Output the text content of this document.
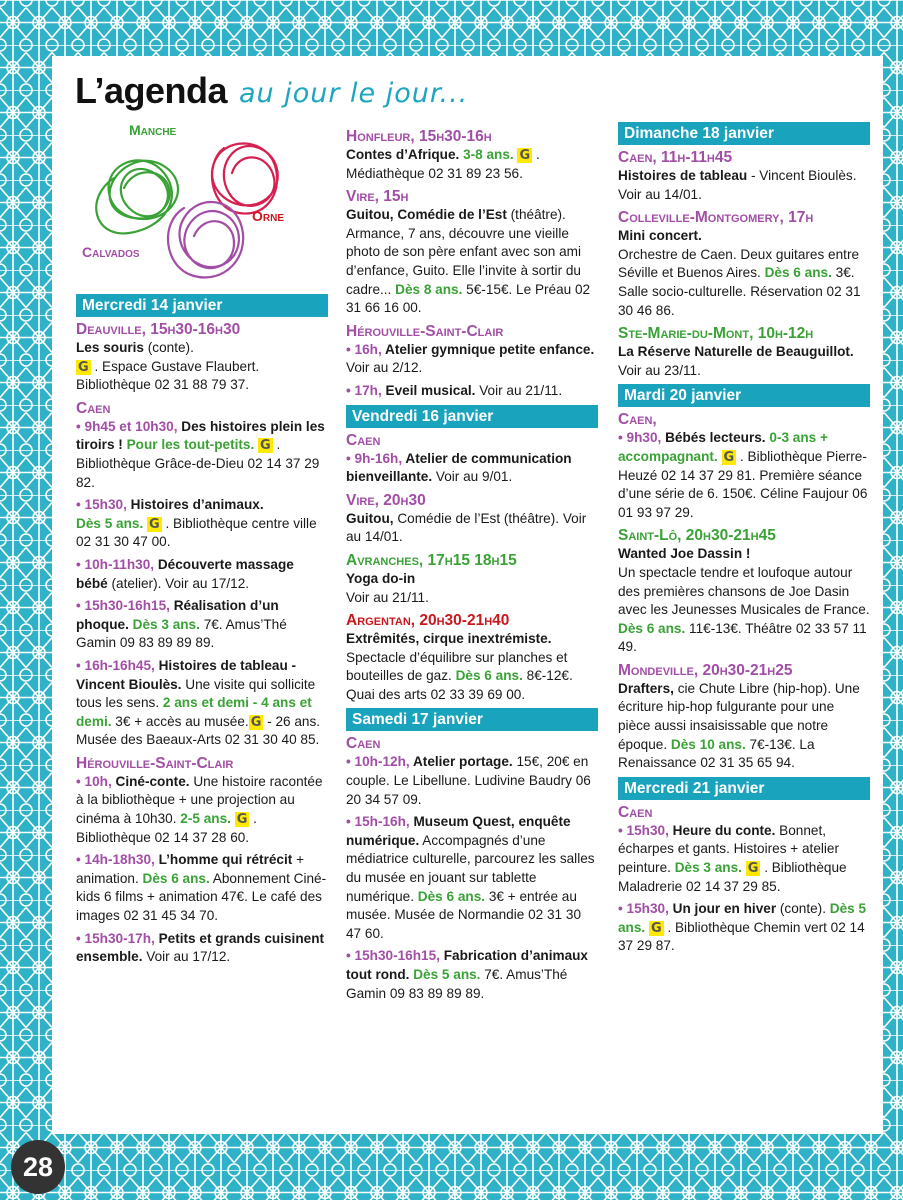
L’agenda au jour le jour...
Manche
Orne
Calvados
Mercredi 14 janvier
Deauville, 15h30-16h30
Les souris (conte).
G . Espace Gustave Flaubert. Bibliothèque 02 31 88 79 37.
Caen
• 9h45 et 10h30, Des histoires plein les tiroirs ! Pour les tout-petits. G . Bibliothèque Grâce-de-Dieu 02 14 37 29 82.
• 15h30, Histoires d’animaux.
Dès 5 ans. G . Bibliothèque centre ville 02 31 30 47 00.
• 10h-11h30, Découverte massage bébé (atelier). Voir au 17/12.
• 15h30-16h15, Réalisation d’un phoque. Dès 3 ans. 7€. Amus’Thé Gamin 09 83 89 89 89.
• 16h-16h45, Histoires de tableau - Vincent Bioulès. Une visite qui sollicite tous les sens. 2 ans et demi - 4 ans et demi. 3€ + accès au musée. G - 26 ans. Musée des Baeaux-Arts 02 31 30 40 85.
Hérouville-Saint-Clair
• 10h, Ciné-conte. Une histoire racontée à la bibliothèque + une projection au cinéma à 10h30. 2-5 ans. G . Bibliothèque 02 14 37 28 60.
• 14h-18h30, L’homme qui rétrécit + animation. Dès 6 ans. Abonnement Ciné-kids 6 films + animation 47€. Le café des images 02 31 45 34 70.
• 15h30-17h, Petits et grands cuisinent ensemble. Voir au 17/12.
Honfleur, 15h30-16h
Contes d’Afrique. 3-8 ans. G . Médiathèque 02 31 89 23 56.
Vire, 15h
Guitou, Comédie de l’Est (théâtre). Armance, 7 ans, découvre une vieille photo de son père enfant avec son ami d’enfance, Guito. Elle l’invite à sortir du cadre... Dès 8 ans. 5€-15€. Le Préau 02 31 66 16 00.
Hérouville-Saint-Clair
• 16h, Atelier gymnique petite enfance. Voir au 2/12.
• 17h, Eveil musical. Voir au 21/11.
Vendredi 16 janvier
Caen
• 9h-16h, Atelier de communication bienveillante. Voir au 9/01.
Vire, 20h30
Guitou, Comédie de l’Est (théâtre). Voir au 14/01.
Avranches, 17h15 18h15
Yoga do-in
Voir au 21/11.
Argentan, 20h30-21h40
Extrêmités, cirque inextrémiste. Spectacle d’équilibre sur planches et bouteilles de gaz. Dès 6 ans. 8€-12€. Quai des arts 02 33 39 69 00.
Samedi 17 janvier
Caen
• 10h-12h, Atelier portage. 15€, 20€ en couple. Le Libellune. Ludivine Baudry 06 20 34 57 09.
• 15h-16h, Museum Quest, enquête numérique. Accompagnés d’une médiatrice culturelle, parcourez les salles du musée en jouant sur tablette numérique. Dès 6 ans. 3€ + entrée au musée. Musée de Normandie 02 31 30 47 60.
• 15h30-16h15, Fabrication d’animaux tout rond. Dès 5 ans. 7€. Amus’Thé Gamin 09 83 89 89 89.
Dimanche 18 janvier
Caen, 11h-11h45
Histoires de tableau - Vincent Bioulès. Voir au 14/01.
Colleville-Montgomery, 17h
Mini concert.
Orchestre de Caen. Deux guitares entre Séville et Buenos Aires. Dès 6 ans. 3€. Salle socio-culturelle. Réservation 02 31 30 46 86.
Ste-Marie-du-Mont, 10h-12h
La Réserve Naturelle de Beauguillot.
Voir au 23/11.
Mardi 20 janvier
Caen,
• 9h30, Bébés lecteurs. 0-3 ans + accompagnant. G . Bibliothèque Pierre-Heuzé 02 14 37 29 81. Première séance d’une série de 6. 150€. Céline Faujour 06 01 93 97 29.
Saint-Lô, 20h30-21h45
Wanted Joe Dassin !
Un spectacle tendre et loufoque autour des premières chansons de Joe Dasin avec les Jeunesses Musicales de France. Dès 6 ans. 11€-13€. Théâtre 02 33 57 11 49.
Mondeville, 20h30-21h25
Drafters, cie Chute Libre (hip-hop). Une écriture hip-hop fulgurante pour une pièce aussi insaisissable que notre époque. Dès 10 ans. 7€-13€. La Renaissance 02 31 35 65 94.
Mercredi 21 janvier
Caen
• 15h30, Heure du conte. Bonnet, écharpes et gants. Histoires + atelier peinture. Dès 3 ans. G . Bibliothèque Maladrerie 02 14 37 29 85.
• 15h30, Un jour en hiver (conte). Dès 5 ans. G . Bibliothèque Chemin vert 02 14 37 29 87.
28
